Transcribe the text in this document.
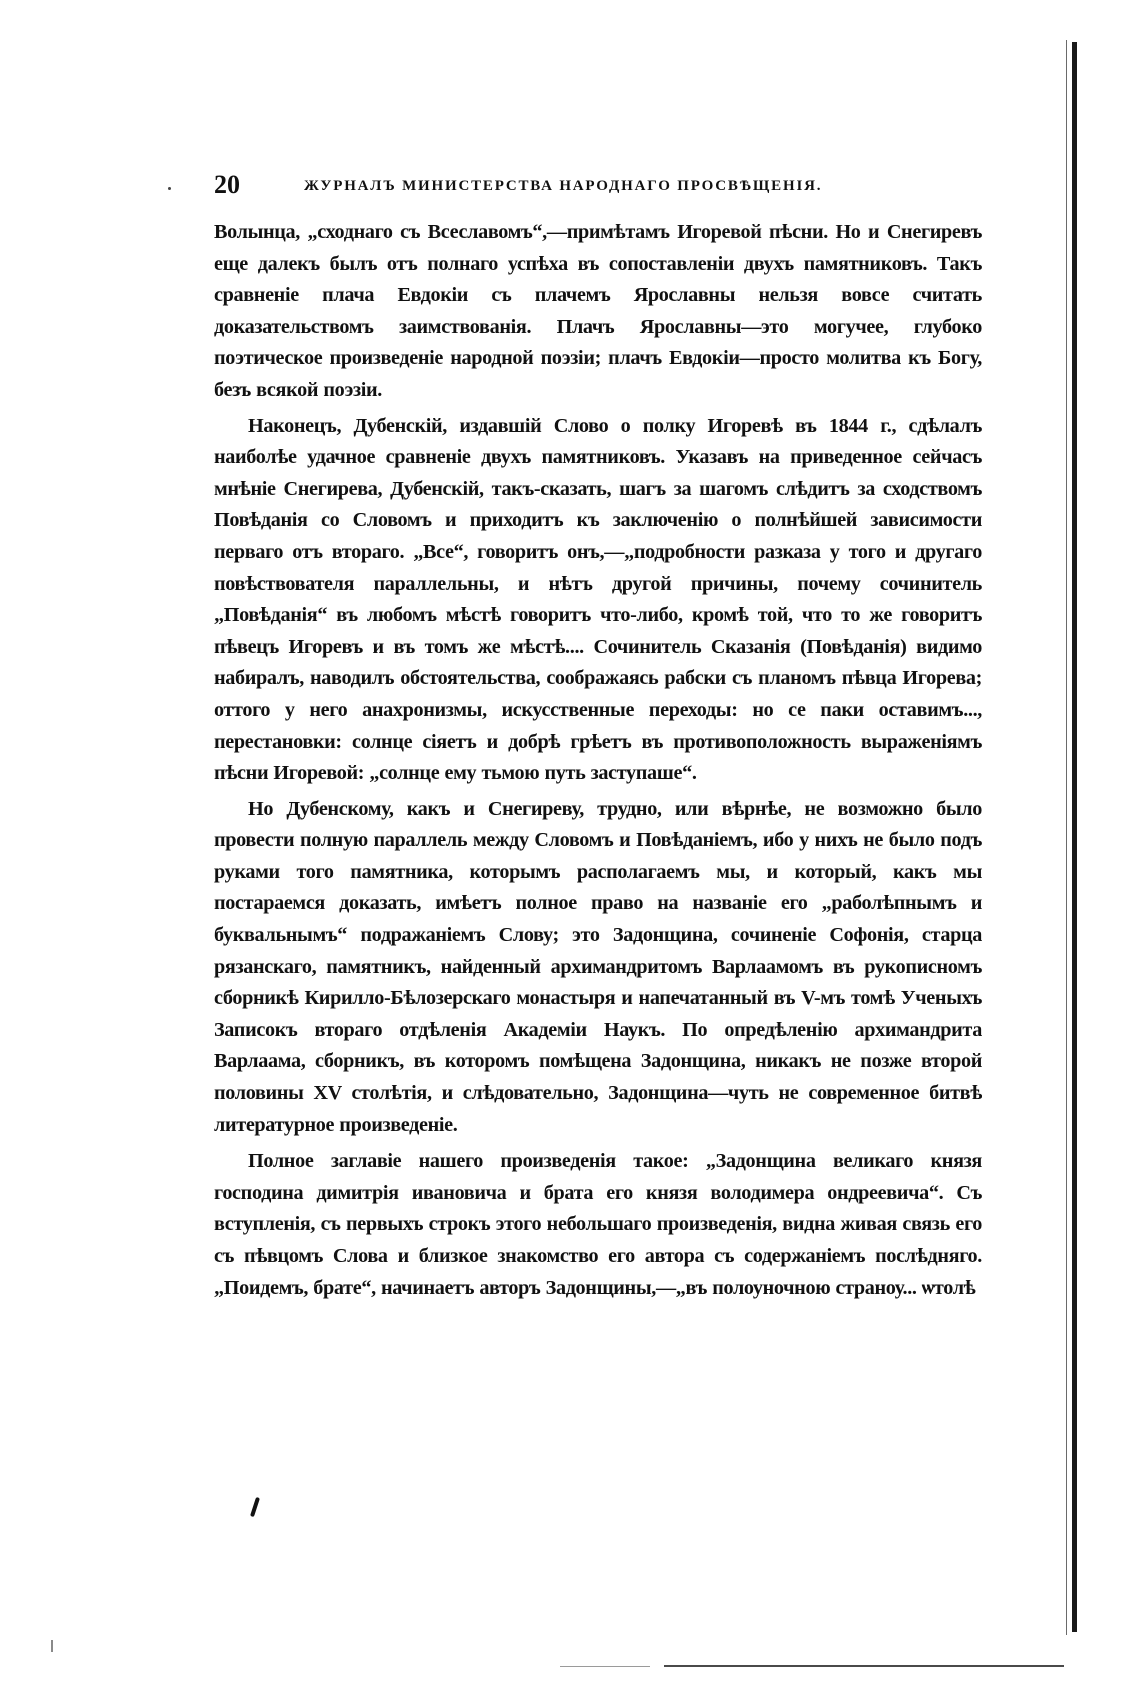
20	ЖУРНАЛЪ МИНИСТЕРСТВА НАРОДНАГО ПРОСВѢЩЕНІЯ.

Волынца, „сходнаго съ Всеславомъ“,—примѣтамъ Игоревой пѣсни. Но и Снегиревъ еще далекъ былъ отъ полнаго успѣха въ сопоставленіи двухъ памятниковъ. Такъ сравненіе плача Евдокіи съ плачемъ Ярославны нельзя вовсе считать доказательствомъ заимствованія. Плачъ Ярославны—это могучее, глубоко поэтическое произведеніе народной поэзіи; плачъ Евдокіи—просто молитва къ Богу, безъ всякой поэзіи.

Наконецъ, Дубенскій, издавшій Слово о полку Игоревѣ въ 1844 г., сдѣлалъ наиболѣе удачное сравненіе двухъ памятниковъ. Указавъ на приведенное сейчасъ мнѣніе Снегирева, Дубенскій, такъ-сказать, шагъ за шагомъ слѣдитъ за сходствомъ Повѣданія со Словомъ и приходитъ къ заключенію о полнѣйшей зависимости перваго отъ втораго. „Все“, говоритъ онъ,—„подробности разказа у того и другаго повѣствователя параллельны, и нѣтъ другой причины, почему сочинитель „Повѣданія“ въ любомъ мѣстѣ говоритъ что-либо, кромѣ той, что то же говоритъ пѣвецъ Игоревъ и въ томъ же мѣстѣ.... Сочинитель Сказанія (Повѣданія) видимо набиралъ, наводилъ обстоятельства, соображаясь рабски съ планомъ пѣвца Игорева; оттого у него анахронизмы, искусственные переходы: но се паки оставимъ..., перестановки: солнце сіяетъ и добрѣ грѣетъ въ противоположность выраженіямъ пѣсни Игоревой: „солнце ему тьмою путь заступаше“.

Но Дубенскому, какъ и Снегиреву, трудно, или вѣрнѣе, не возможно было провести полную параллель между Словомъ и Повѣданіемъ, ибо у нихъ не было подъ руками того памятника, которымъ располагаемъ мы, и который, какъ мы постараемся доказать, имѣетъ полное право на названіе его „раболѣпнымъ и буквальнымъ“ подражаніемъ Слову; это Задонщина, сочиненіе Софонія, старца рязанскаго, памятникъ, найденный архимандритомъ Варлаамомъ въ рукописномъ сборникѣ Кирилло-Бѣлозерскаго монастыря и напечатанный въ V-мъ томѣ Ученыхъ Записокъ втораго отдѣленія Академіи Наукъ. По опредѣленію архимандрита Варлаама, сборникъ, въ которомъ помѣщена Задонщина, никакъ не позже второй половины XV столѣтія, и слѣдовательно, Задонщина—чуть не современное битвѣ литературное произведеніе.

Полное заглавіе нашего произведенія такое: „Задонщина великаго князя господина димитрія ивановича и брата его князя володимера ондреевича“. Съ вступленія, съ первыхъ строкъ этого небольшаго произведенія, видна живая связь его съ пѣвцомъ Слова и близкое знакомство его автора съ содержаніемъ послѣдняго. „Поидемъ, брате“, начинаетъ авторъ Задонщины,—„въ полоуночною страноу... ѡтолѣ
